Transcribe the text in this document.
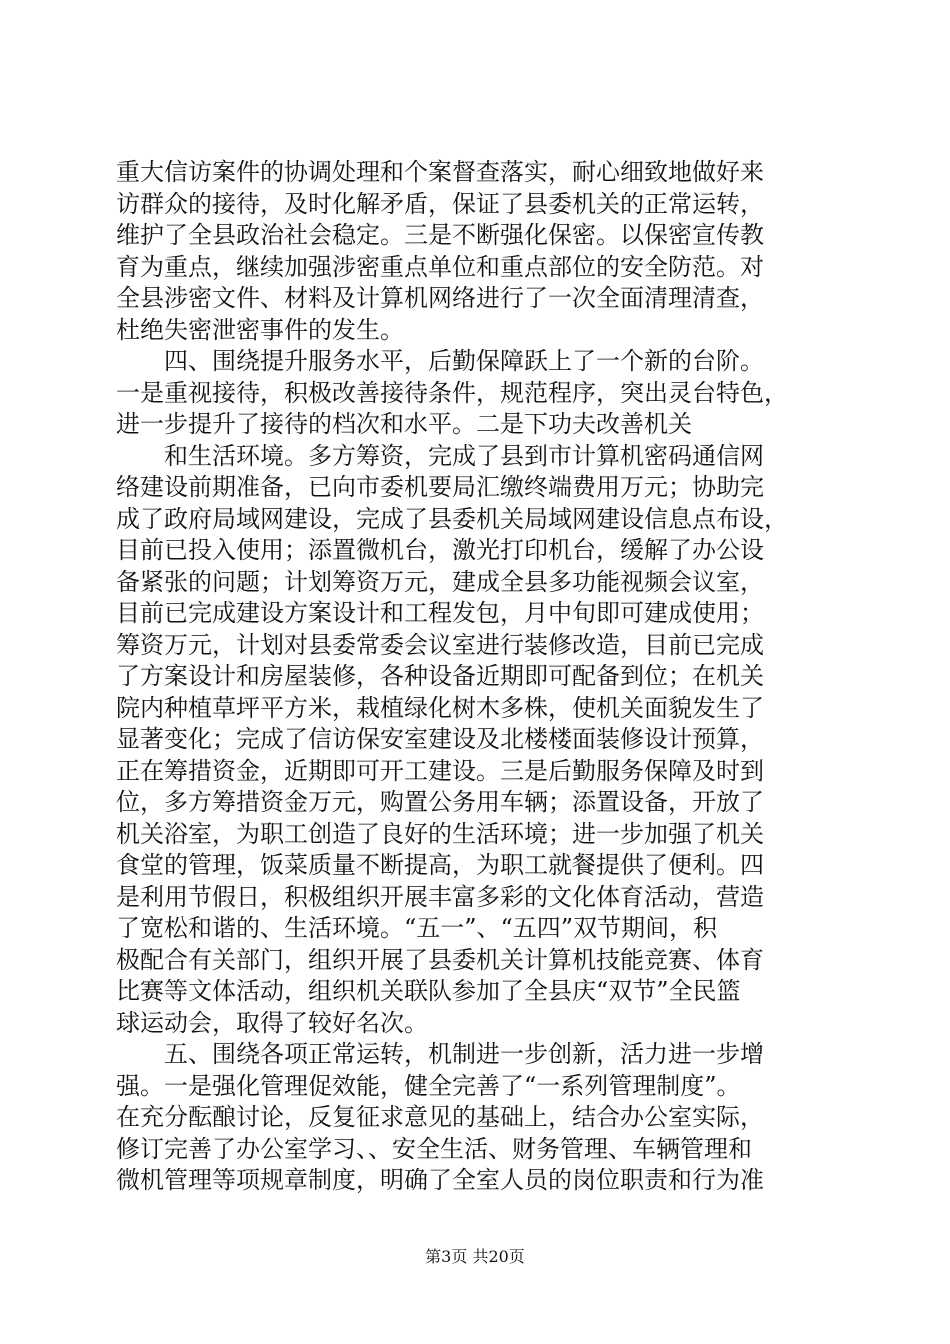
重大信访案件的协调处理和个案督查落实，耐心细致地做好来
访群众的接待，及时化解矛盾，保证了县委机关的正常运转，
维护了全县政治社会稳定。三是不断强化保密。以保密宣传教
育为重点，继续加强涉密重点单位和重点部位的安全防范。对
全县涉密文件、材料及计算机网络进行了一次全面清理清查，
杜绝失密泄密事件的发生。

　　四、围绕提升服务水平，后勤保障跃上了一个新的台阶。
一是重视接待，积极改善接待条件，规范程序，突出灵台特色，
进一步提升了接待的档次和水平。二是下功夫改善机关

　　和生活环境。多方筹资，完成了县到市计算机密码通信网
络建设前期准备，已向市委机要局汇缴终端费用万元；协助完
成了政府局域网建设，完成了县委机关局域网建设信息点布设，
目前已投入使用；添置微机台，激光打印机台，缓解了办公设
备紧张的问题；计划筹资万元，建成全县多功能视频会议室，
目前已完成建设方案设计和工程发包，月中旬即可建成使用；
筹资万元，计划对县委常委会议室进行装修改造，目前已完成
了方案设计和房屋装修，各种设备近期即可配备到位；在机关
院内种植草坪平方米，栽植绿化树木多株，使机关面貌发生了
显著变化；完成了信访保安室建设及北楼楼面装修设计预算，
正在筹措资金，近期即可开工建设。三是后勤服务保障及时到
位，多方筹措资金万元，购置公务用车辆；添置设备，开放了
机关浴室，为职工创造了良好的生活环境；进一步加强了机关
食堂的管理，饭菜质量不断提高，为职工就餐提供了便利。四
是利用节假日，积极组织开展丰富多彩的文化体育活动，营造
了宽松和谐的、生活环境。“五一”、“五四”双节期间，积
极配合有关部门，组织开展了县委机关计算机技能竞赛、体育
比赛等文体活动，组织机关联队参加了全县庆“双节”全民篮
球运动会，取得了较好名次。

　　五、围绕各项正常运转，机制进一步创新，活力进一步增
强。一是强化管理促效能，健全完善了“一系列管理制度”。
在充分酝酿讨论，反复征求意见的基础上，结合办公室实际，
修订完善了办公室学习、、安全生活、财务管理、车辆管理和
微机管理等项规章制度，明确了全室人员的岗位职责和行为准

第3页 共20页
